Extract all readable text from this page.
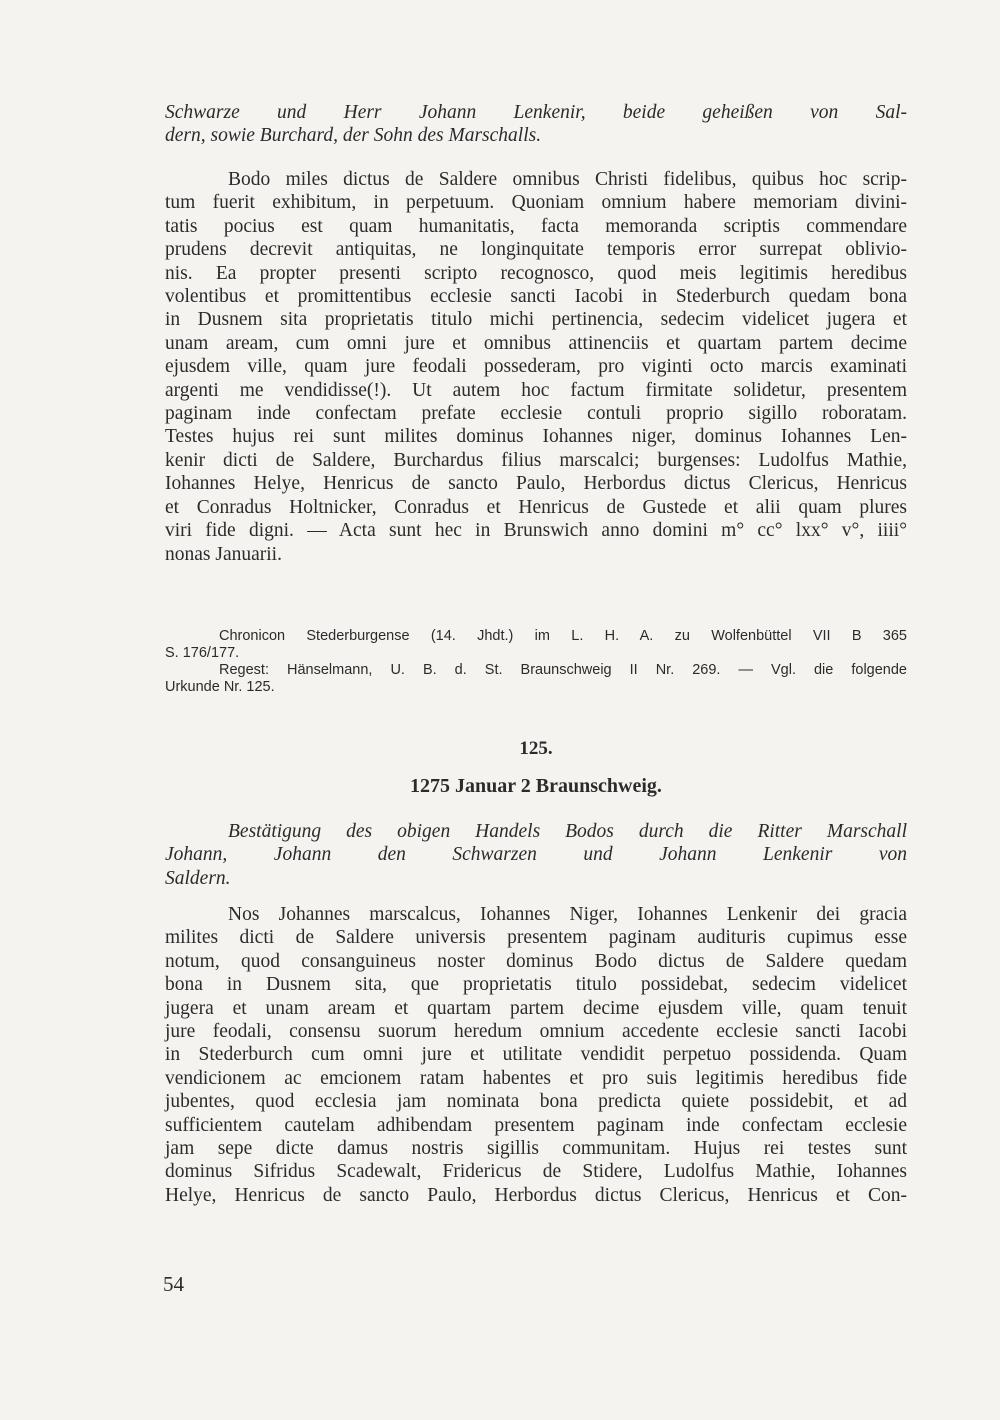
Schwarze und Herr Johann Lenkenir, beide geheißen von Sal-
dern, sowie Burchard, der Sohn des Marschalls.
Bodo miles dictus de Saldere omnibus Christi fidelibus, quibus hoc scrip-
tum fuerit exhibitum, in perpetuum. Quoniam omnium habere memoriam divini-
tatis pocius est quam humanitatis, facta memoranda scriptis commendare
prudens decrevit antiquitas, ne longinquitate temporis error surrepat oblivio-
nis. Ea propter presenti scripto recognosco, quod meis legitimis heredibus
volentibus et promittentibus ecclesie sancti Iacobi in Stederburch quedam bona
in Dusnem sita proprietatis titulo michi pertinencia, sedecim videlicet jugera et
unam aream, cum omni jure et omnibus attinenciis et quartam partem decime
ejusdem ville, quam jure feodali possederam, pro viginti octo marcis examinati
argenti me vendidisse(!). Ut autem hoc factum firmitate solidetur, presentem
paginam inde confectam prefate ecclesie contuli proprio sigillo roboratam.
Testes hujus rei sunt milites dominus Iohannes niger, dominus Iohannes Len-
kenir dicti de Saldere, Burchardus filius marscalci; burgenses: Ludolfus Mathie,
Iohannes Helye, Henricus de sancto Paulo, Herbordus dictus Clericus, Henricus
et Conradus Holtnicker, Conradus et Henricus de Gustede et alii quam plures
viri fide digni. — Acta sunt hec in Brunswich anno domini m° cc° lxx° v°, iiii°
nonas Januarii.
Chronicon Stederburgense (14. Jhdt.) im L. H. A. zu Wolfenbüttel VII B 365
S. 176/177.
Regest: Hänselmann, U. B. d. St. Braunschweig II Nr. 269. — Vgl. die folgende
Urkunde Nr. 125.
125.
1275 Januar 2 Braunschweig.
Bestätigung des obigen Handels Bodos durch die Ritter Marschall
Johann, Johann den Schwarzen und Johann Lenkenir von
Saldern.
Nos Johannes marscalcus, Iohannes Niger, Iohannes Lenkenir dei gracia
milites dicti de Saldere universis presentem paginam audituris cupimus esse
notum, quod consanguineus noster dominus Bodo dictus de Saldere quedam
bona in Dusnem sita, que proprietatis titulo possidebat, sedecim videlicet
jugera et unam aream et quartam partem decime ejusdem ville, quam tenuit
jure feodali, consensu suorum heredum omnium accedente ecclesie sancti Iacobi
in Stederburch cum omni jure et utilitate vendidit perpetuo possidenda. Quam
vendicionem ac emcionem ratam habentes et pro suis legitimis heredibus fide
jubentes, quod ecclesia jam nominata bona predicta quiete possidebit, et ad
sufficientem cautelam adhibendam presentem paginam inde confectam ecclesie
jam sepe dicte damus nostris sigillis communitam. Hujus rei testes sunt
dominus Sifridus Scadewalt, Fridericus de Stidere, Ludolfus Mathie, Iohannes
Helye, Henricus de sancto Paulo, Herbordus dictus Clericus, Henricus et Con-
54
